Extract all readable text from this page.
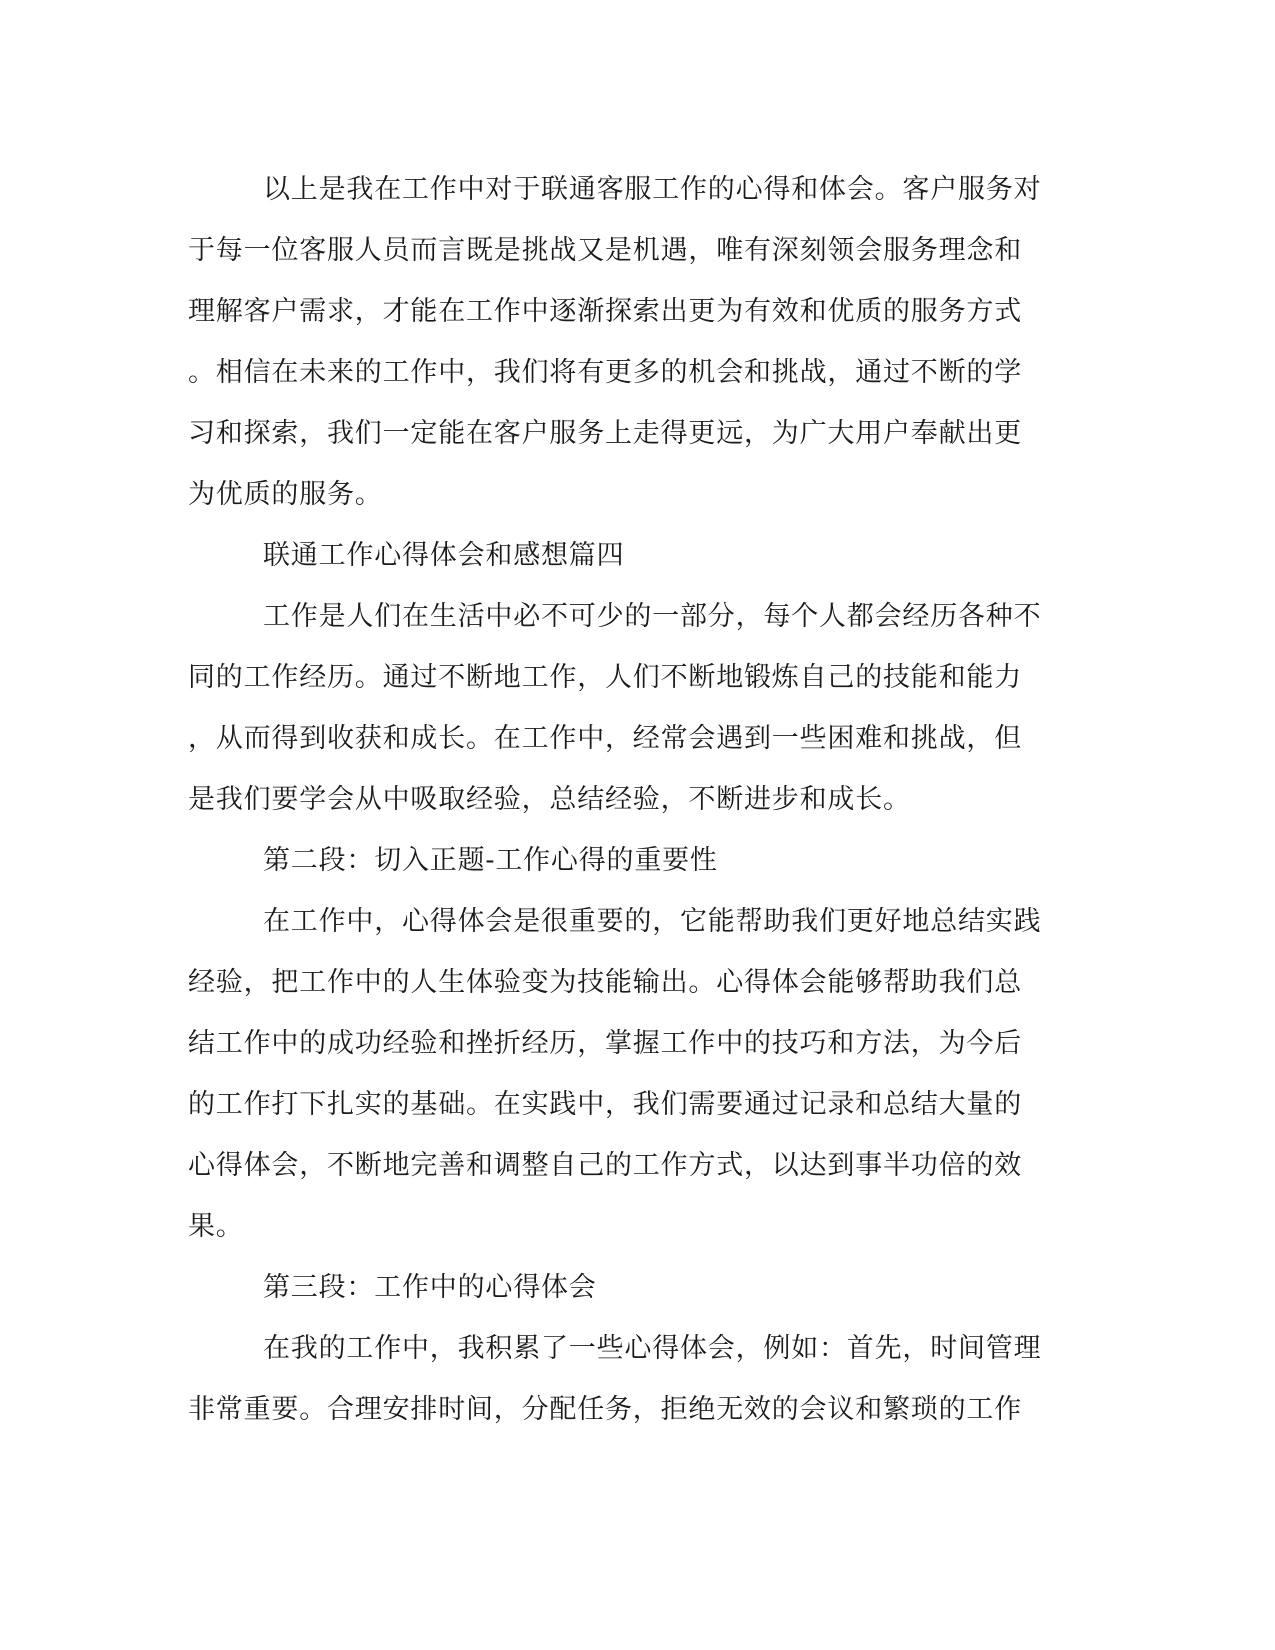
以上是我在工作中对于联通客服工作的心得和体会。客户服务对
于每一位客服人员而言既是挑战又是机遇，唯有深刻领会服务理念和
理解客户需求，才能在工作中逐渐探索出更为有效和优质的服务方式
。相信在未来的工作中，我们将有更多的机会和挑战，通过不断的学
习和探索，我们一定能在客户服务上走得更远，为广大用户奉献出更
为优质的服务。
联通工作心得体会和感想篇四
工作是人们在生活中必不可少的一部分，每个人都会经历各种不
同的工作经历。通过不断地工作，人们不断地锻炼自己的技能和能力
，从而得到收获和成长。在工作中，经常会遇到一些困难和挑战，但
是我们要学会从中吸取经验，总结经验，不断进步和成长。
第二段：切入正题-工作心得的重要性
在工作中，心得体会是很重要的，它能帮助我们更好地总结实践
经验，把工作中的人生体验变为技能输出。心得体会能够帮助我们总
结工作中的成功经验和挫折经历，掌握工作中的技巧和方法，为今后
的工作打下扎实的基础。在实践中，我们需要通过记录和总结大量的
心得体会，不断地完善和调整自己的工作方式，以达到事半功倍的效
果。
第三段：工作中的心得体会
在我的工作中，我积累了一些心得体会，例如：首先，时间管理
非常重要。合理安排时间，分配任务，拒绝无效的会议和繁琐的工作
